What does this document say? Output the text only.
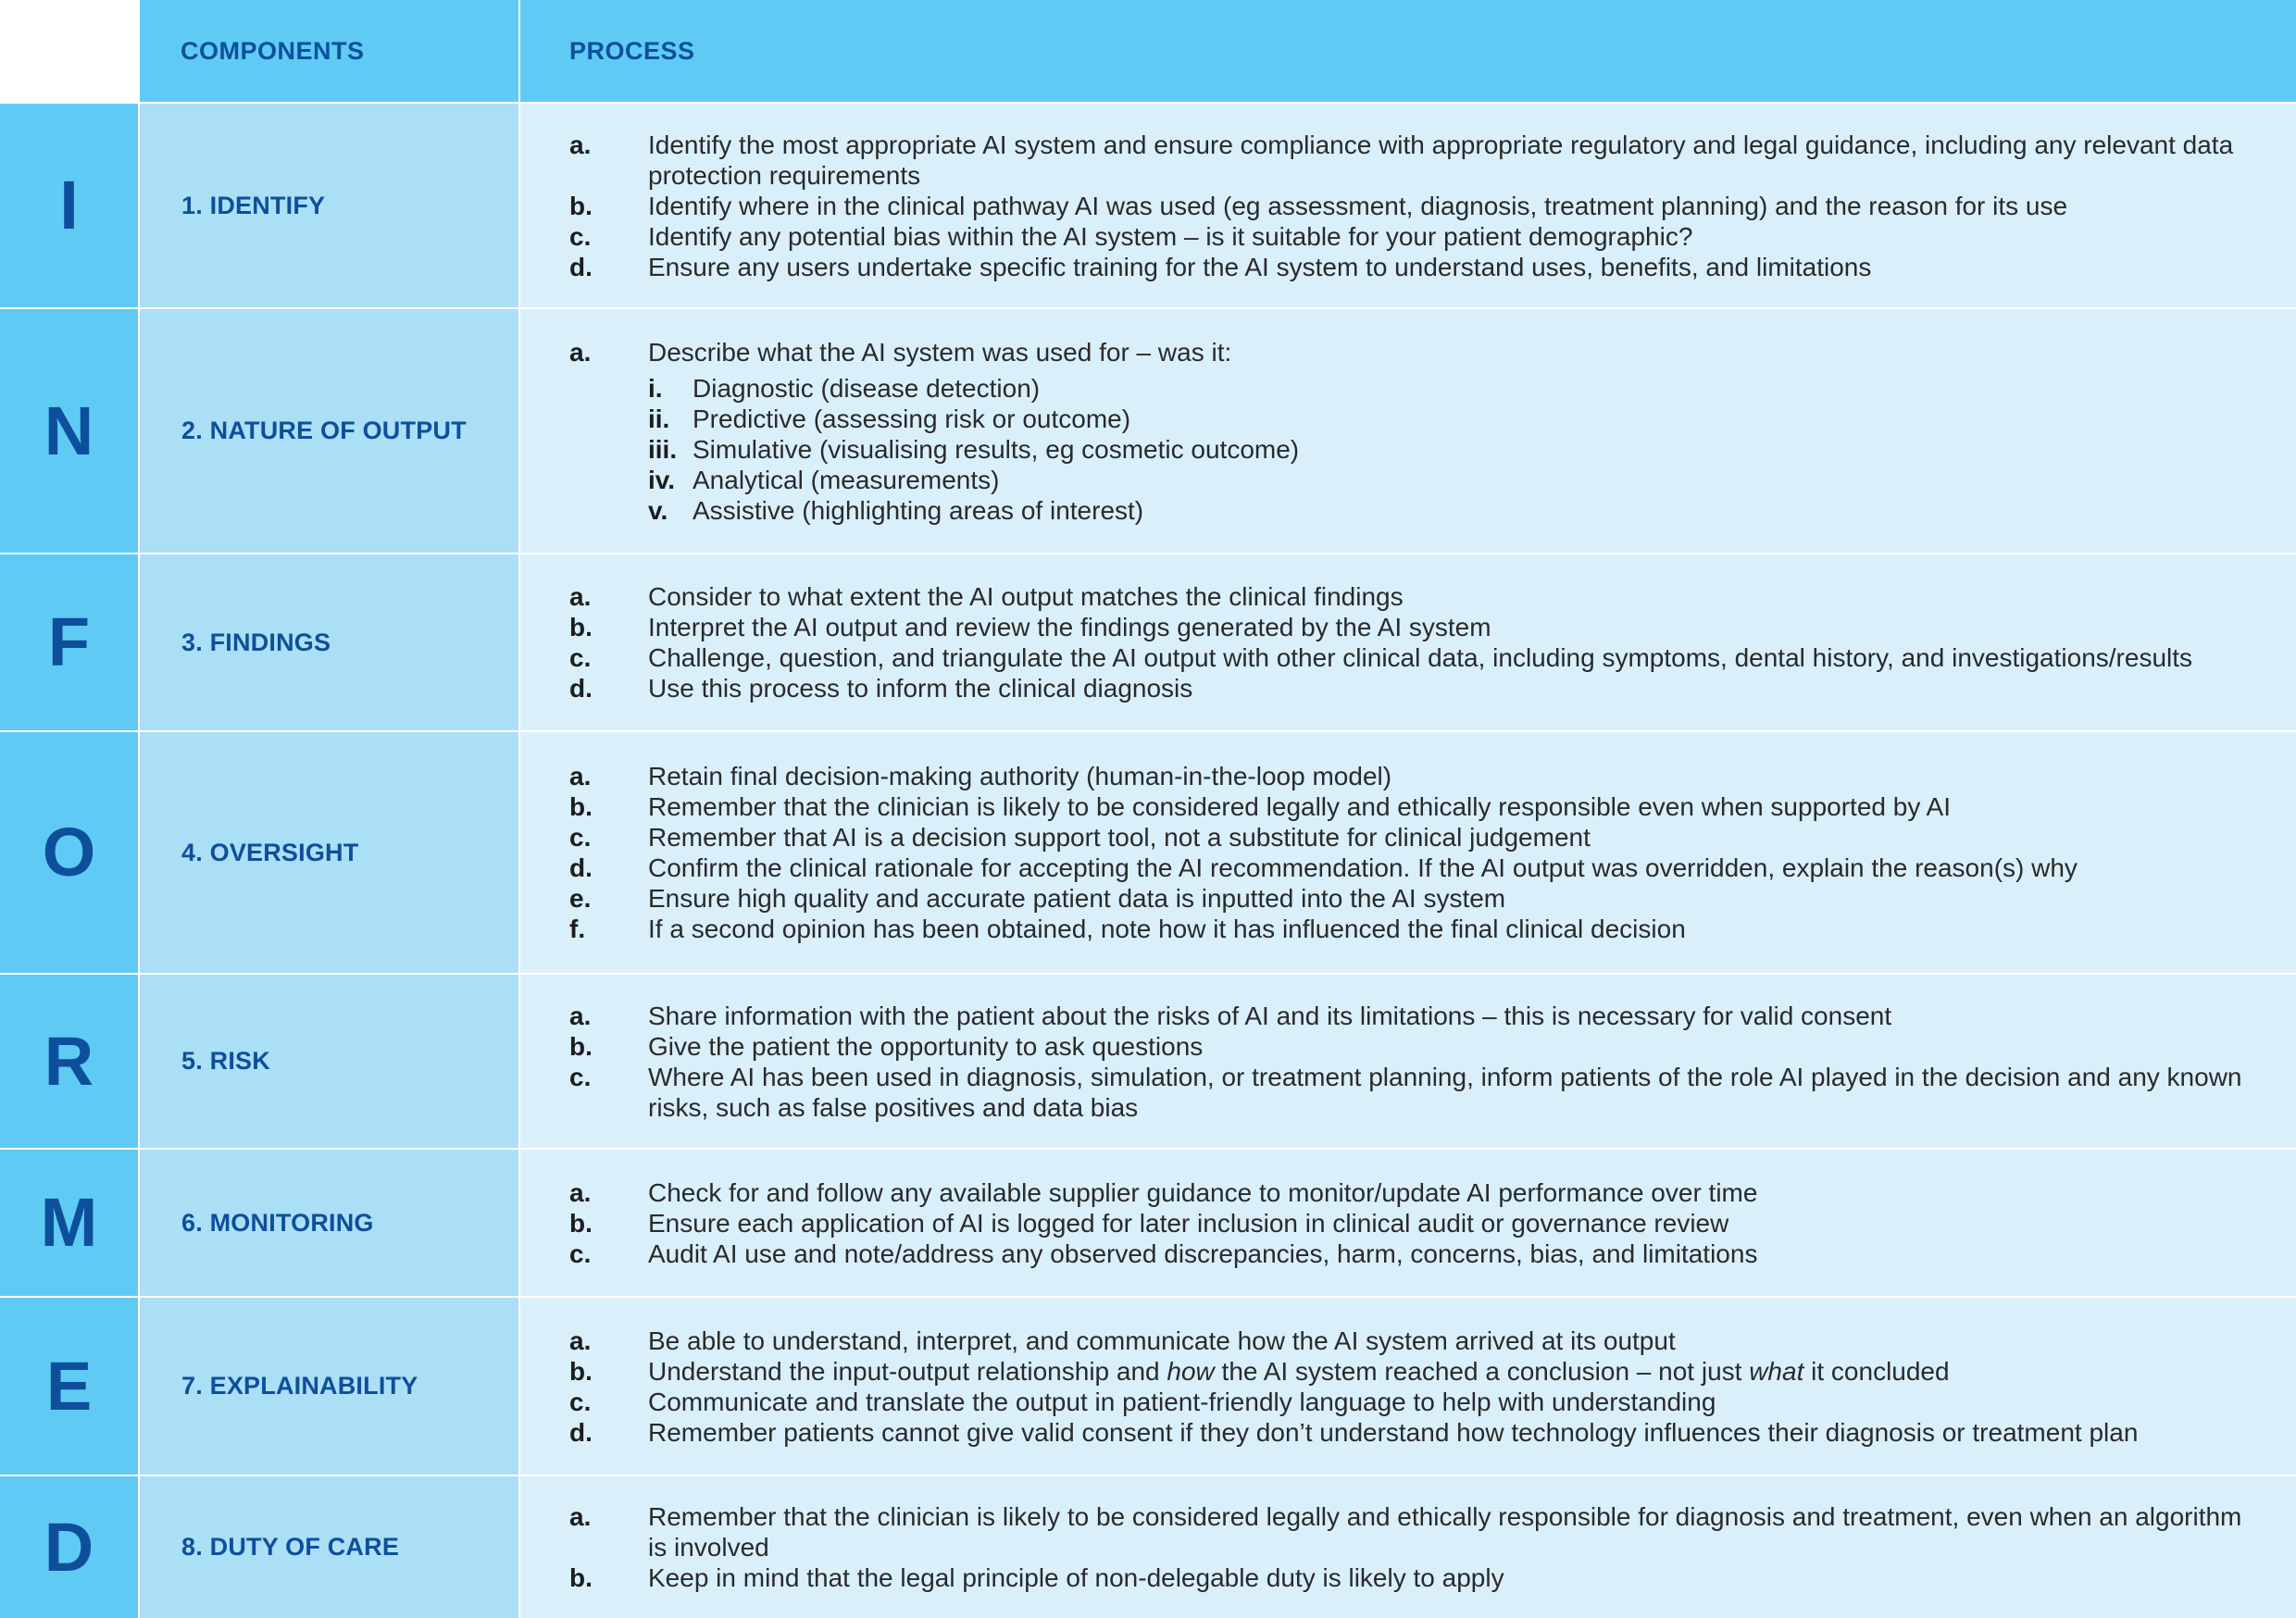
COMPONENTS	PROCESS
I	1. IDENTIFY
a.	Identify the most appropriate AI system and ensure compliance with appropriate regulatory and legal guidance, including any relevant data protection requirements
b.	Identify where in the clinical pathway AI was used (eg assessment, diagnosis, treatment planning) and the reason for its use
c.	Identify any potential bias within the AI system – is it suitable for your patient demographic?
d.	Ensure any users undertake specific training for the AI system to understand uses, benefits, and limitations
N	2. NATURE OF OUTPUT
a.	Describe what the AI system was used for – was it:
i.	Diagnostic (disease detection)
ii. Predictive (assessing risk or outcome)
iii. Simulative (visualising results, eg cosmetic outcome)
iv. Analytical (measurements)
v. Assistive (highlighting areas of interest)
F	3. FINDINGS
a.	Consider to what extent the AI output matches the clinical findings
b.	Interpret the AI output and review the findings generated by the AI system
c.	Challenge, question, and triangulate the AI output with other clinical data, including symptoms, dental history, and investigations/results
d.	Use this process to inform the clinical diagnosis
O	4. OVERSIGHT
a.	Retain final decision-making authority (human-in-the-loop model)
b.	Remember that the clinician is likely to be considered legally and ethically responsible even when supported by AI
c.	Remember that AI is a decision support tool, not a substitute for clinical judgement
d.	Confirm the clinical rationale for accepting the AI recommendation. If the AI output was overridden, explain the reason(s) why
e.	Ensure high quality and accurate patient data is inputted into the AI system
f.	If a second opinion has been obtained, note how it has influenced the final clinical decision
R	5. RISK
a.	Share information with the patient about the risks of AI and its limitations – this is necessary for valid consent
b.	Give the patient the opportunity to ask questions
c.	Where AI has been used in diagnosis, simulation, or treatment planning, inform patients of the role AI played in the decision and any known risks, such as false positives and data bias
M	6. MONITORING
a.	Check for and follow any available supplier guidance to monitor/update AI performance over time
b.	Ensure each application of AI is logged for later inclusion in clinical audit or governance review
c.	Audit AI use and note/address any observed discrepancies, harm, concerns, bias, and limitations
E	7. EXPLAINABILITY
a.	Be able to understand, interpret, and communicate how the AI system arrived at its output
b.	Understand the input-output relationship and how the AI system reached a conclusion – not just what it concluded
c.	Communicate and translate the output in patient-friendly language to help with understanding
d.	Remember patients cannot give valid consent if they don’t understand how technology influences their diagnosis or treatment plan
D	8. DUTY OF CARE
a.	Remember that the clinician is likely to be considered legally and ethically responsible for diagnosis and treatment, even when an algorithm is involved
b.	Keep in mind that the legal principle of non-delegable duty is likely to apply
